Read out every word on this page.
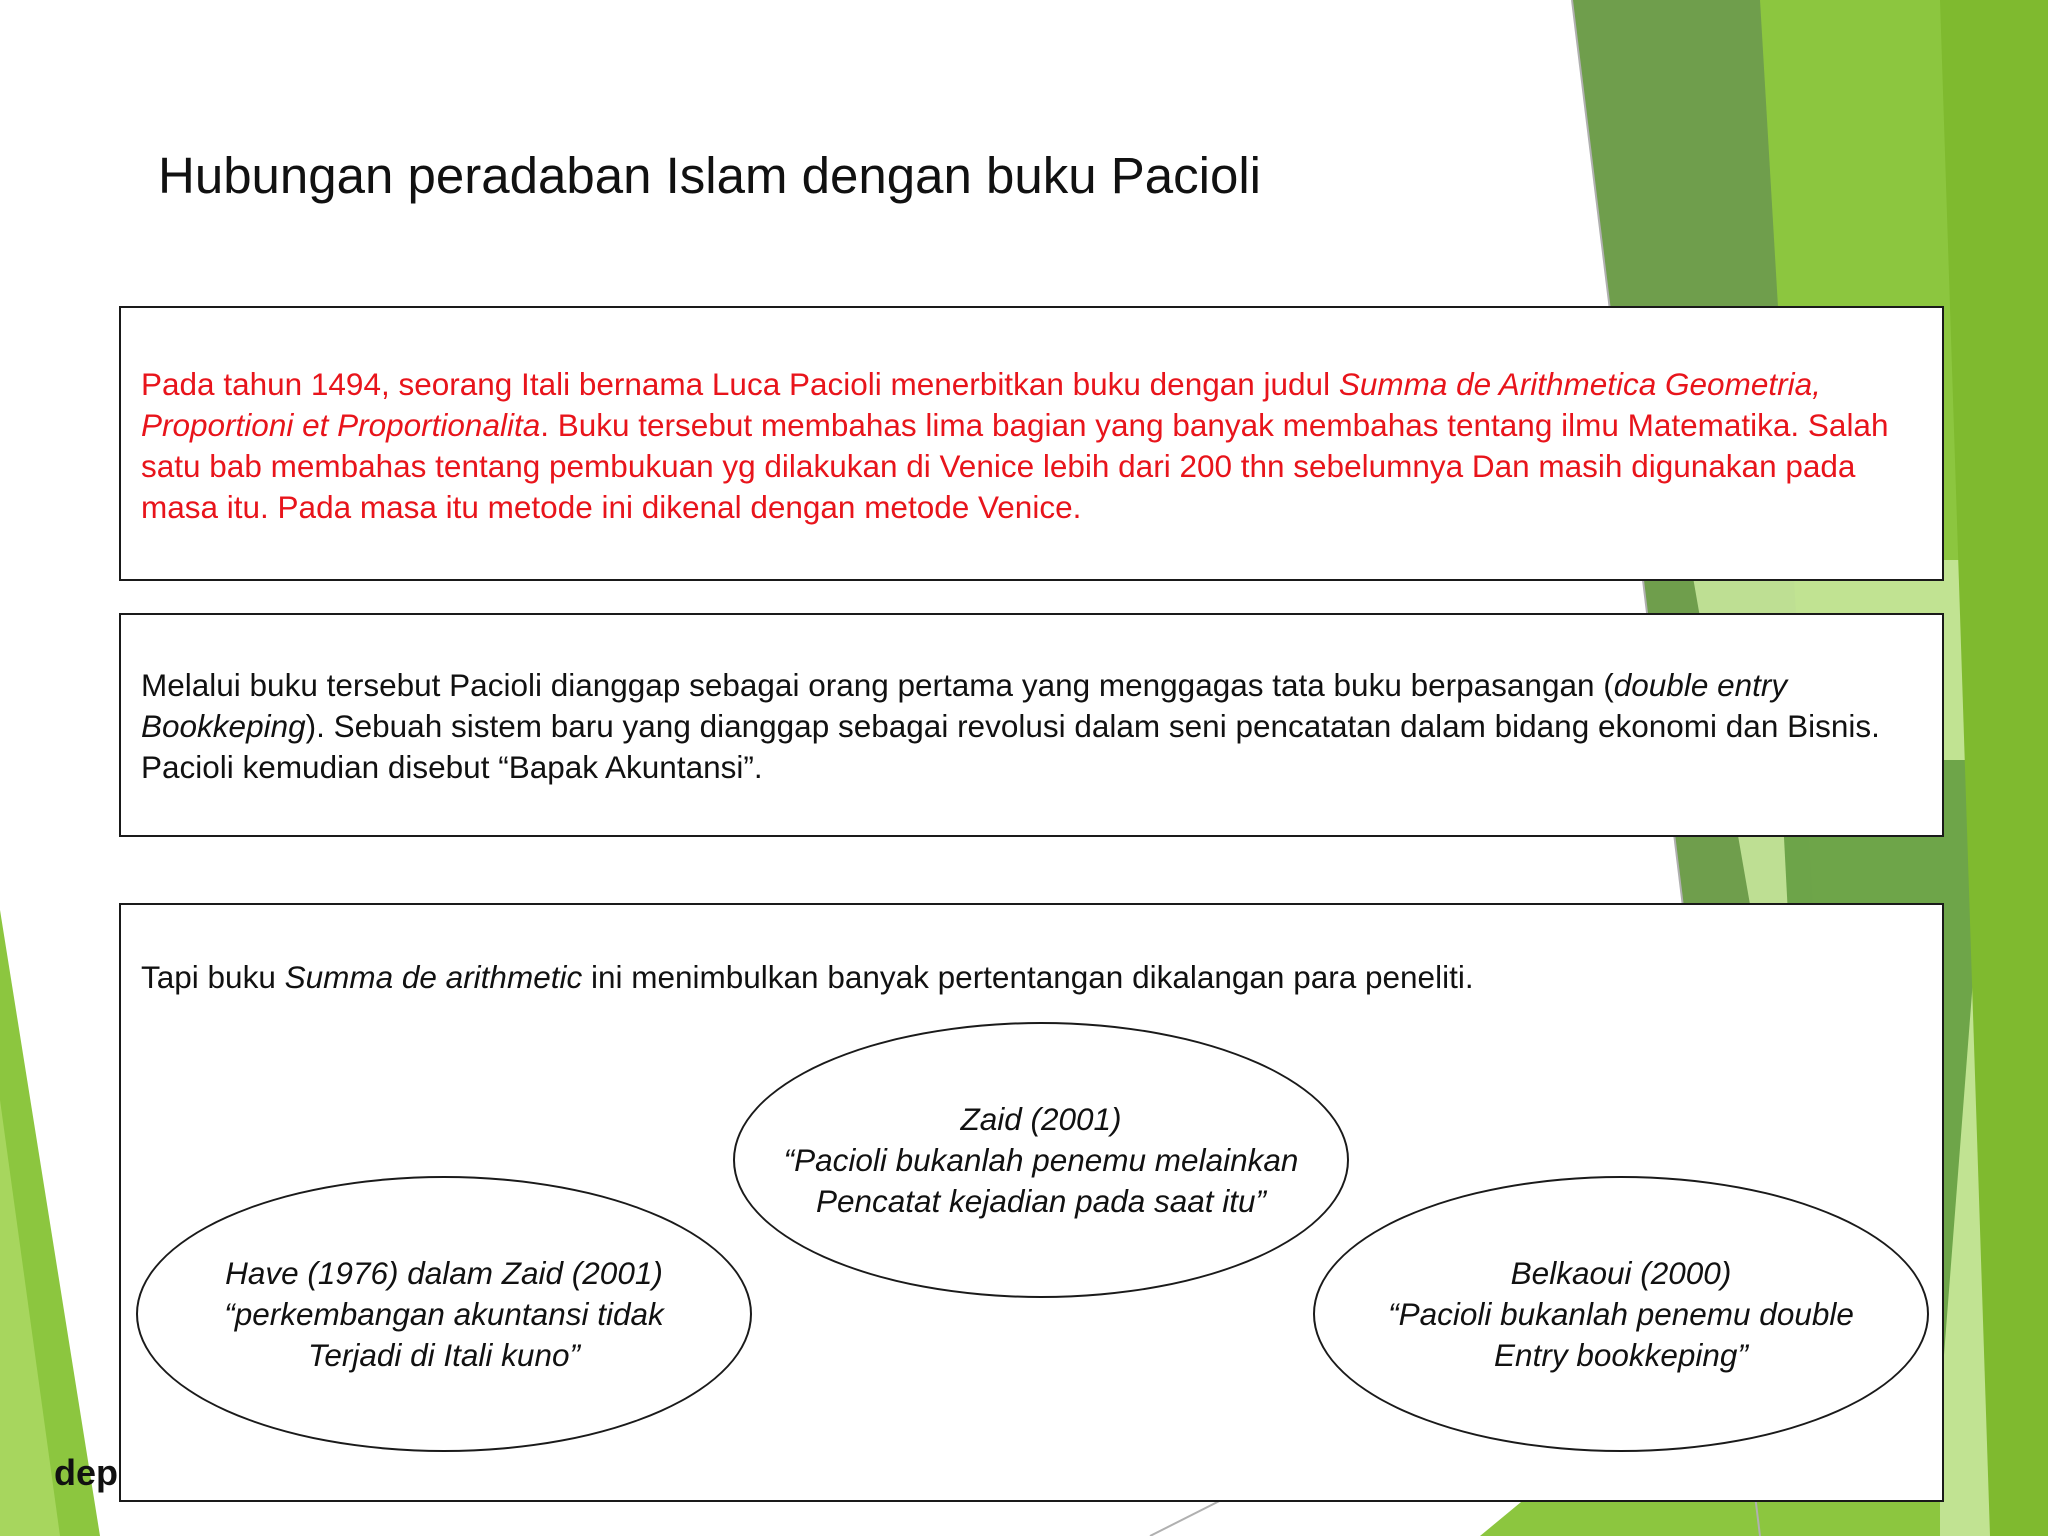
Hubungan peradaban Islam dengan buku Pacioli
dep
Pada tahun 1494, seorang Itali bernama Luca Pacioli menerbitkan buku dengan judul Summa de Arithmetica Geometria, Proportioni et Proportionalita. Buku tersebut membahas lima bagian yang banyak membahas tentang ilmu Matematika. Salah satu bab membahas tentang pembukuan yg dilakukan di Venice lebih dari 200 thn sebelumnya Dan masih digunakan pada masa itu. Pada masa itu metode ini dikenal dengan metode Venice.
Melalui buku tersebut Pacioli dianggap sebagai orang pertama yang menggagas tata buku berpasangan (double entry Bookkeping). Sebuah sistem baru yang dianggap sebagai revolusi dalam seni pencatatan dalam bidang ekonomi dan Bisnis. Pacioli kemudian disebut “Bapak Akuntansi”.
Tapi buku Summa de arithmetic ini menimbulkan banyak pertentangan dikalangan para peneliti.
Zaid (2001)
“Pacioli bukanlah penemu melainkan
Pencatat kejadian pada saat itu”
Have (1976) dalam Zaid (2001)
“perkembangan akuntansi tidak
Terjadi di Itali kuno”
Belkaoui (2000)
“Pacioli bukanlah penemu double
Entry bookkeping”
